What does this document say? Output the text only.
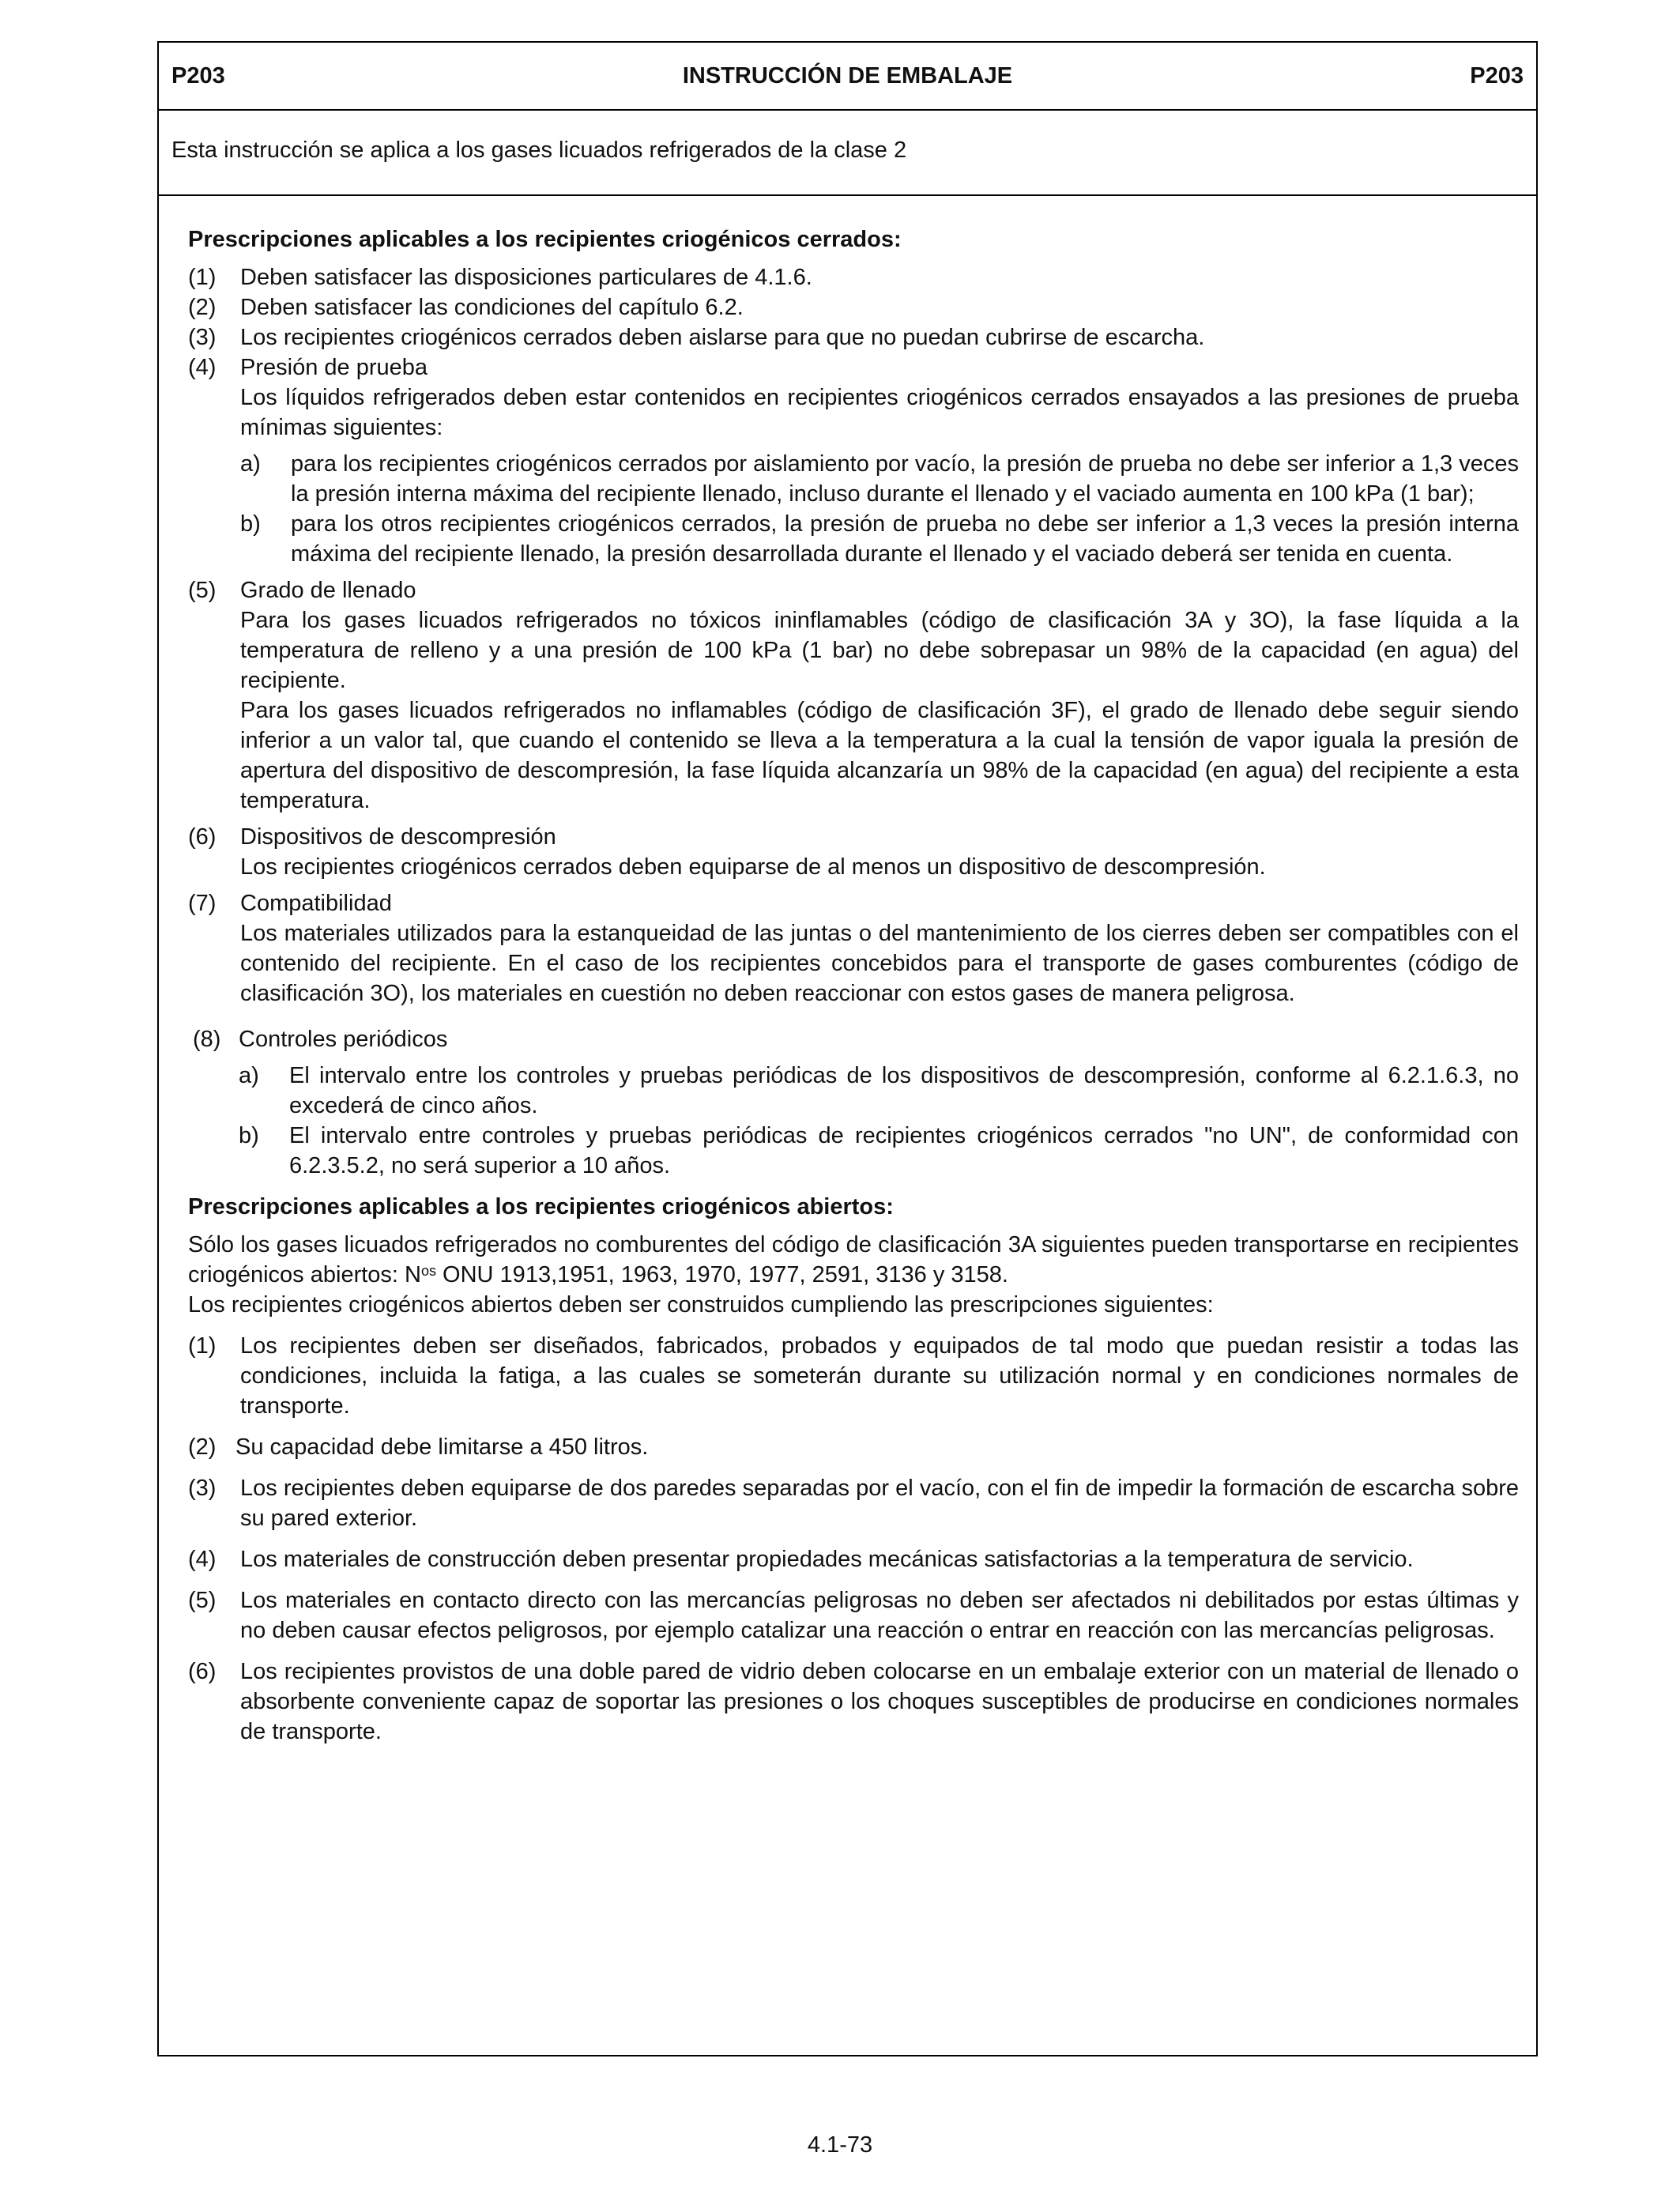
P203	INSTRUCCIÓN DE EMBALAJE	P203
Esta instrucción se aplica a los gases licuados refrigerados de la clase 2
Prescripciones aplicables a los recipientes criogénicos cerrados:
(1)	Deben satisfacer las disposiciones particulares de 4.1.6.
(2)	Deben satisfacer las condiciones del capítulo 6.2.
(3)	Los recipientes criogénicos cerrados deben aislarse para que no puedan cubrirse de escarcha.
(4)	Presión de prueba

Los líquidos refrigerados deben estar contenidos en recipientes criogénicos cerrados ensayados a las presiones de prueba mínimas siguientes:

a)	para los recipientes criogénicos cerrados por aislamiento por vacío, la presión de prueba no debe ser inferior a 1,3 veces la presión interna máxima del recipiente llenado, incluso durante el llenado y el vaciado aumenta en 100 kPa (1 bar);
b)	para los otros recipientes criogénicos cerrados, la presión de prueba no debe ser inferior a 1,3 veces la presión interna máxima del recipiente llenado, la presión desarrollada durante el llenado y el vaciado deberá ser tenida en cuenta.
(5)	Grado de llenado

Para los gases licuados refrigerados no tóxicos ininflamables (código de clasificación 3A y 3O), la fase líquida a la temperatura de relleno y a una presión de 100 kPa (1 bar) no debe sobrepasar un 98% de la capacidad (en agua) del recipiente.

Para los gases licuados refrigerados no inflamables (código de clasificación 3F), el grado de llenado debe seguir siendo inferior a un valor tal, que cuando el contenido se lleva a la temperatura a la cual la tensión de vapor iguala la presión de apertura del dispositivo de descompresión, la fase líquida alcanzaría un 98% de la capacidad (en agua) del recipiente a esta temperatura.

(6)	Dispositivos de descompresión

Los recipientes criogénicos cerrados deben equiparse de al menos un dispositivo de descompresión.

(7)	Compatibilidad

Los materiales utilizados para la estanqueidad de las juntas o del mantenimiento de los cierres deben ser compatibles con el contenido del recipiente. En el caso de los recipientes concebidos para el transporte de gases comburentes (código de clasificación 3O), los materiales en cuestión no deben reaccionar con estos gases de manera peligrosa.

(8) Controles periódicos

a)	El intervalo entre los controles y pruebas periódicas de los dispositivos de descompresión, conforme al 6.2.1.6.3, no excederá de cinco años.
b)	El intervalo entre controles y pruebas periódicas de recipientes criogénicos cerrados "no UN", de conformidad con 6.2.3.5.2, no será superior a 10 años.
Prescripciones aplicables a los recipientes criogénicos abiertos:

Sólo los gases licuados refrigerados no comburentes del código de clasificación 3A siguientes pueden transportarse en recipientes criogénicos abiertos: $N^{os}$ ONU 1913,1951, 1963, 1970, 1977, 2591, 3136 y 3158.

Los recipientes criogénicos abiertos deben ser construidos cumpliendo las prescripciones siguientes:

(1)	Los recipientes deben ser diseñados, fabricados, probados y equipados de tal modo que puedan resistir a todas las condiciones, incluida la fatiga, a las cuales se someterán durante su utilización normal y en condiciones normales de transporte.
(2) Su capacidad debe limitarse a 450 litros.
(3)	Los recipientes deben equiparse de dos paredes separadas por el vacío, con el fin de impedir la formación de escarcha sobre su pared exterior.
(4)	Los materiales de construcción deben presentar propiedades mecánicas satisfactorias a la temperatura de servicio.
(5)	Los materiales en contacto directo con las mercancías peligrosas no deben ser afectados ni debilitados por estas últimas y no deben causar efectos peligrosos, por ejemplo catalizar una reacción o entrar en reacción con las mercancías peligrosas.
(6)	Los recipientes provistos de una doble pared de vidrio deben colocarse en un embalaje exterior con un material de llenado o absorbente conveniente capaz de soportar las presiones o los choques susceptibles de producirse en condiciones normales de transporte.
4.1-73
